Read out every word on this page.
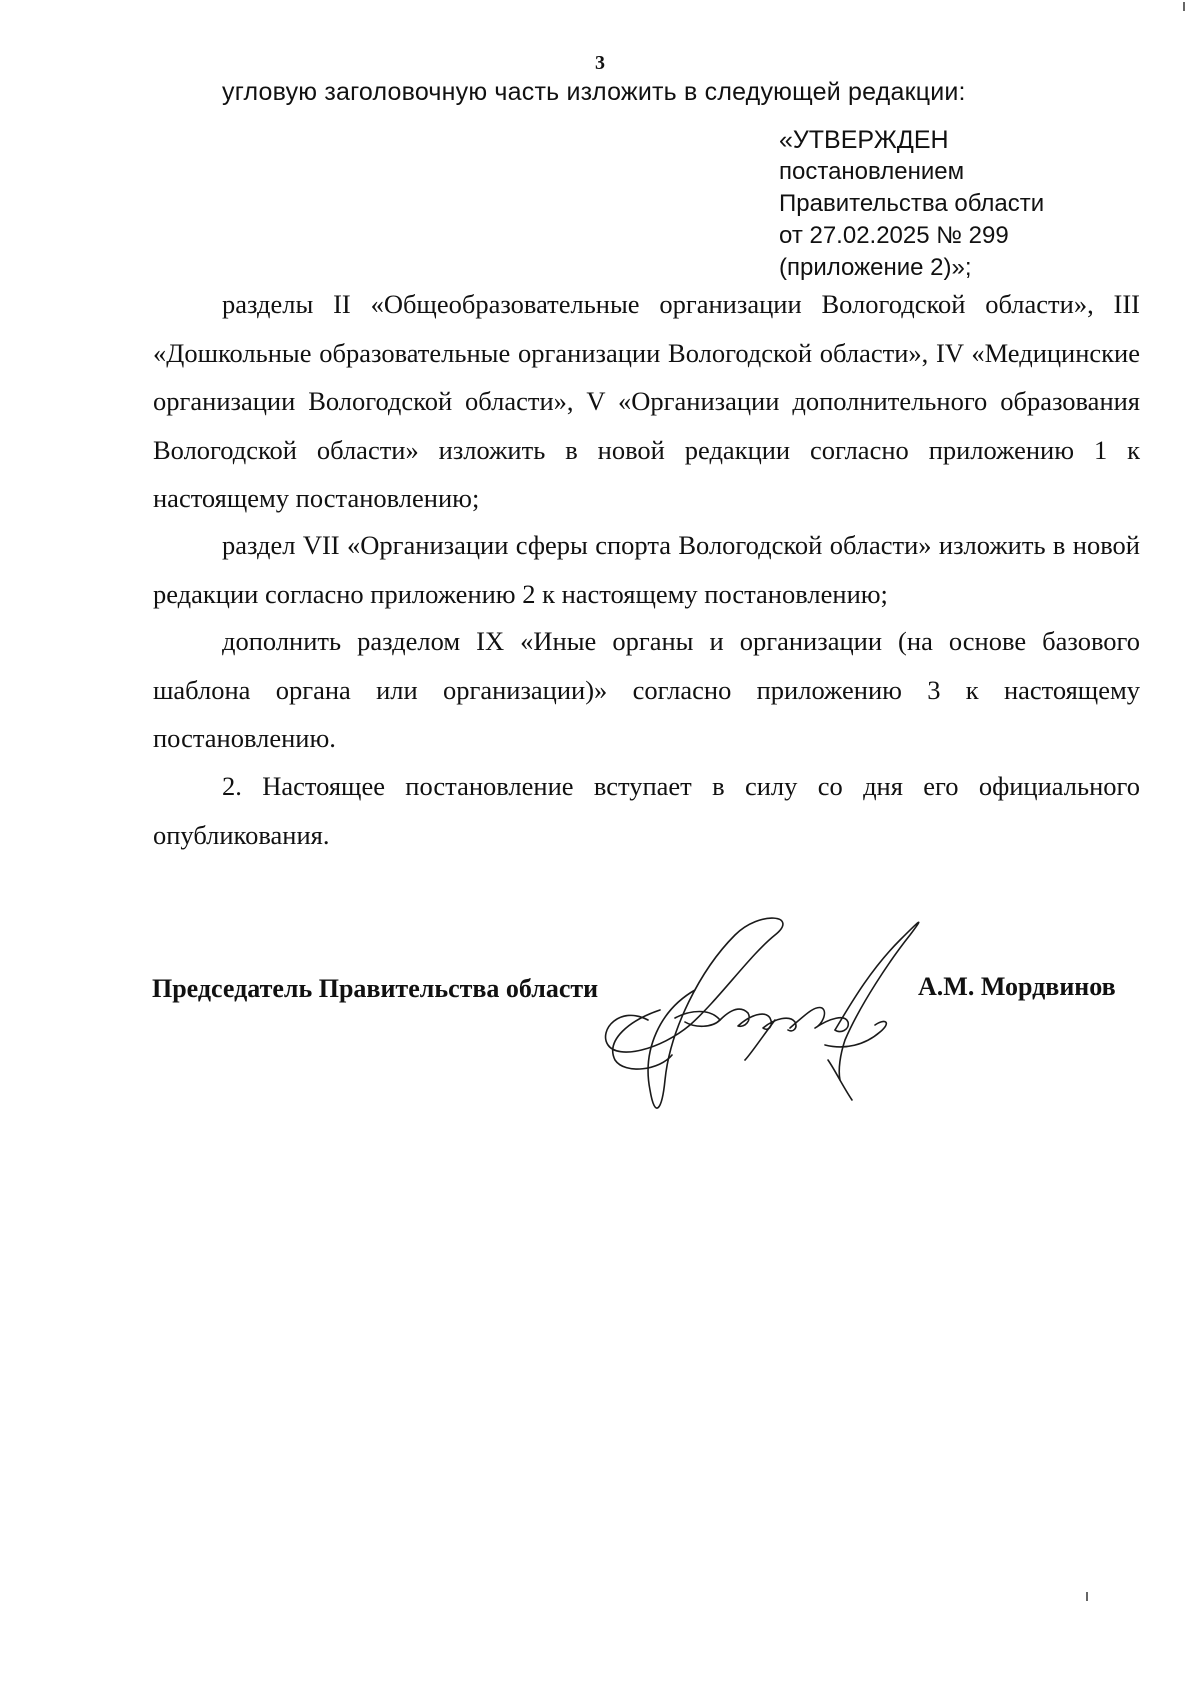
3
угловую заголовочную часть изложить в следующей редакции:
«УТВЕРЖДЕН
постановлением
Правительства области
от 27.02.2025 № 299
(приложение 2)»;

разделы II «Общеобразовательные организации Вологодской области», III «Дошкольные образовательные организации Вологодской области», IV «Медицинские организации Вологодской области», V «Организации дополнительного образования Вологодской области» изложить в новой редакции согласно приложению 1 к настоящему постановлению;

раздел VII «Организации сферы спорта Вологодской области» изложить в новой редакции согласно приложению 2 к настоящему постановлению;

дополнить разделом IX «Иные органы и организации (на основе базового шаблона органа или организации)» согласно приложению 3 к настоящему постановлению.

2. Настоящее постановление вступает в силу со дня его официального опубликования.

Председатель Правительства области	А.М. Мордвинов
